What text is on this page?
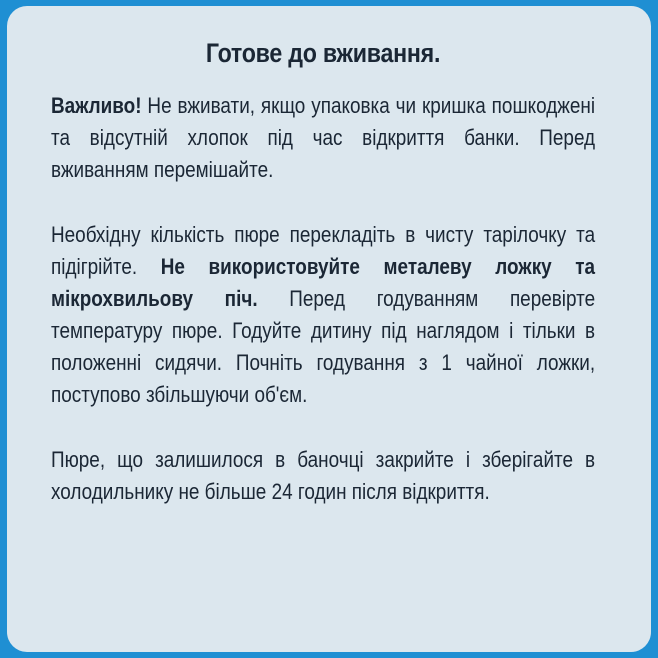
Готове до вживання.

Важливо! Не вживати, якщо упаковка чи кришка пошкоджені та відсутній хлопок під час відкриття банки. Перед вживанням перемішайте.

Необхідну кількість пюре перекладіть в чисту тарілочку та підігрійте. Не використовуйте металеву ложку та мікрохвильову піч. Перед годуванням перевірте температуру пюре. Годуйте дитину під наглядом і тільки в положенні сидячи. Почніть годування з 1 чайної ложки, поступово збільшуючи об'єм.

Пюре, що залишилося в баночці закрийте і зберігайте в холодильнику не більше 24 годин після відкриття.
